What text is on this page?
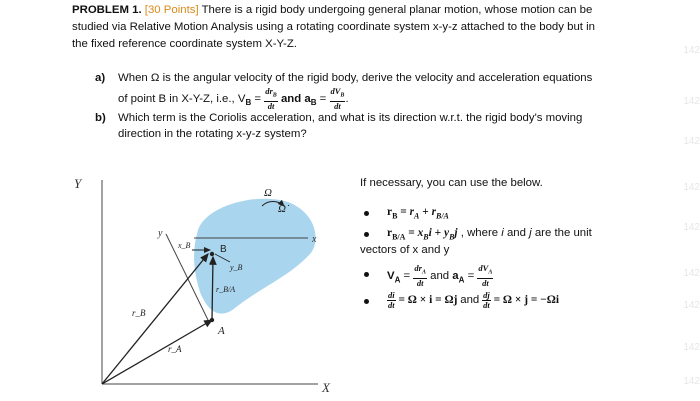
PROBLEM 1. [30 Points] There is a rigid body undergoing general planar motion, whose motion can be
studied via Relative Motion Analysis using a rotating coordinate system x-y-z attached to the body but in
the fixed reference coordinate system X-Y-Z.
a) When Ω is the angular velocity of the rigid body, derive the velocity and acceleration equations
of point B in X-Y-Z, i.e., $V_B = \frac{dr_B}{dt}$ and $a_B = \frac{dV_B}{dt}$ .
b) Which term is the Coriolis acceleration, and what is its direction w.r.t. the rigid body's moving
direction in the rotating x-y-z system?
142
142
142
142
142
142
142
142
142
If necessary, you can use the below.
$r_B = r_A + r_{B/A}$
$r_{B/A} = x_Bi + y_Bj$ , where i and j are the unit
vectors of x and y
$V_A = \frac{dr_A}{dt}$ and $a_A = \frac{dV_A}{dt}$
$\frac{di}{dt} = \Omega \times i = \Omega j$ and $\frac{dj}{dt} = \Omega \times j = -\Omega i$
Y
X
x
y
B
A
Ω
Ω̇
x_B
y_B
r_B
r_A
r_B/A
